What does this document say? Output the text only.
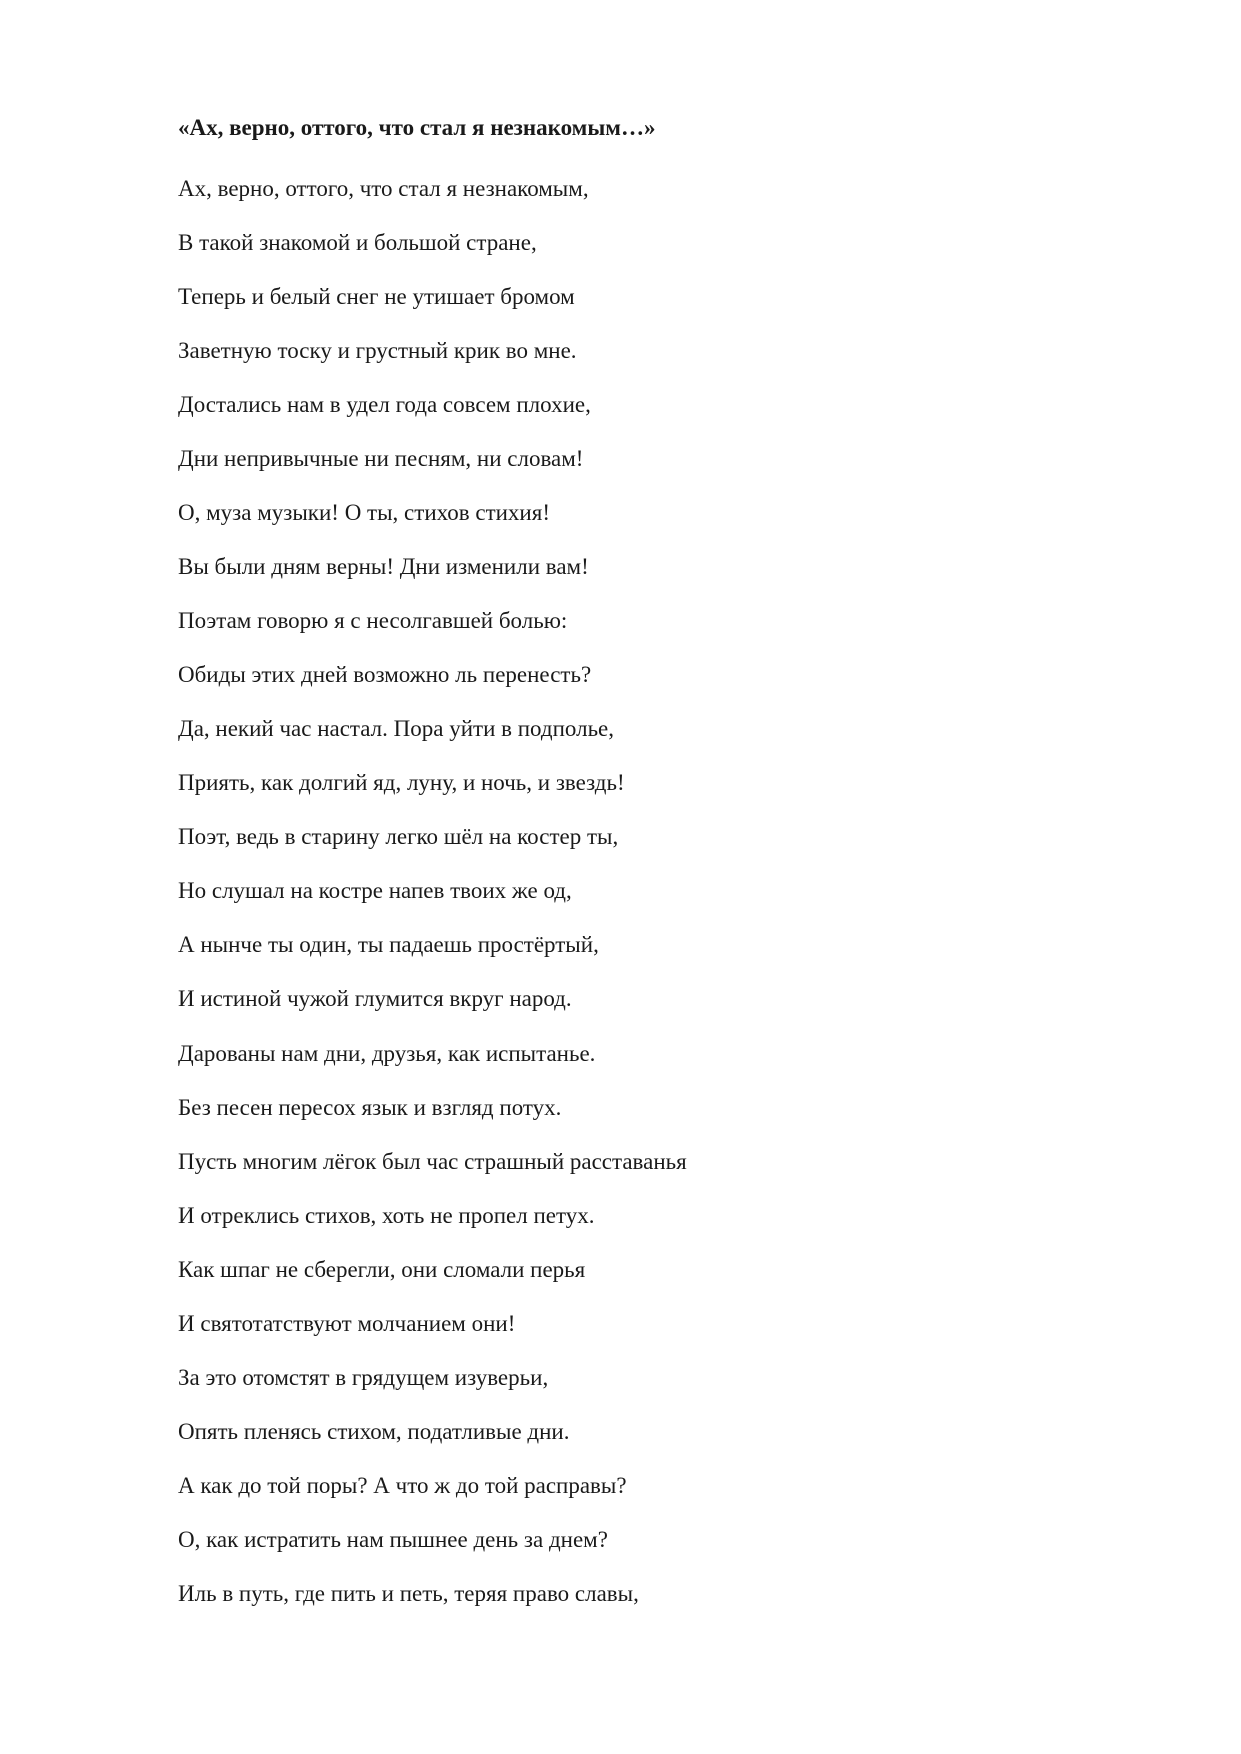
«Ах, верно, оттого, что стал я незнакомым…»
Ах, верно, оттого, что стал я незнакомым,
В такой знакомой и большой стране,
Теперь и белый снег не утишает бромом
Заветную тоску и грустный крик во мне.
Достались нам в удел года совсем плохие,
Дни непривычные ни песням, ни словам!
О, муза музыки! О ты, стихов стихия!
Вы были дням верны! Дни изменили вам!
Поэтам говорю я с несолгавшей болью:
Обиды этих дней возможно ль перенесть?
Да, некий час настал. Пора уйти в подполье,
Приять, как долгий яд, луну, и ночь, и звездь!
Поэт, ведь в старину легко шёл на костер ты,
Но слушал на костре напев твоих же од,
А нынче ты один, ты падаешь простёртый,
И истиной чужой глумится вкруг народ.
Дарованы нам дни, друзья, как испытанье.
Без песен пересох язык и взгляд потух.
Пусть многим лёгок был час страшный расставанья
И отреклись стихов, хоть не пропел петух.
Как шпаг не сберегли, они сломали перья
И святотатствуют молчанием они!
За это отомстят в грядущем изуверьи,
Опять пленясь стихом, податливые дни.
А как до той поры? А что ж до той расправы?
О, как истратить нам пышнее день за днем?
Иль в путь, где пить и петь, теряя право славы,
